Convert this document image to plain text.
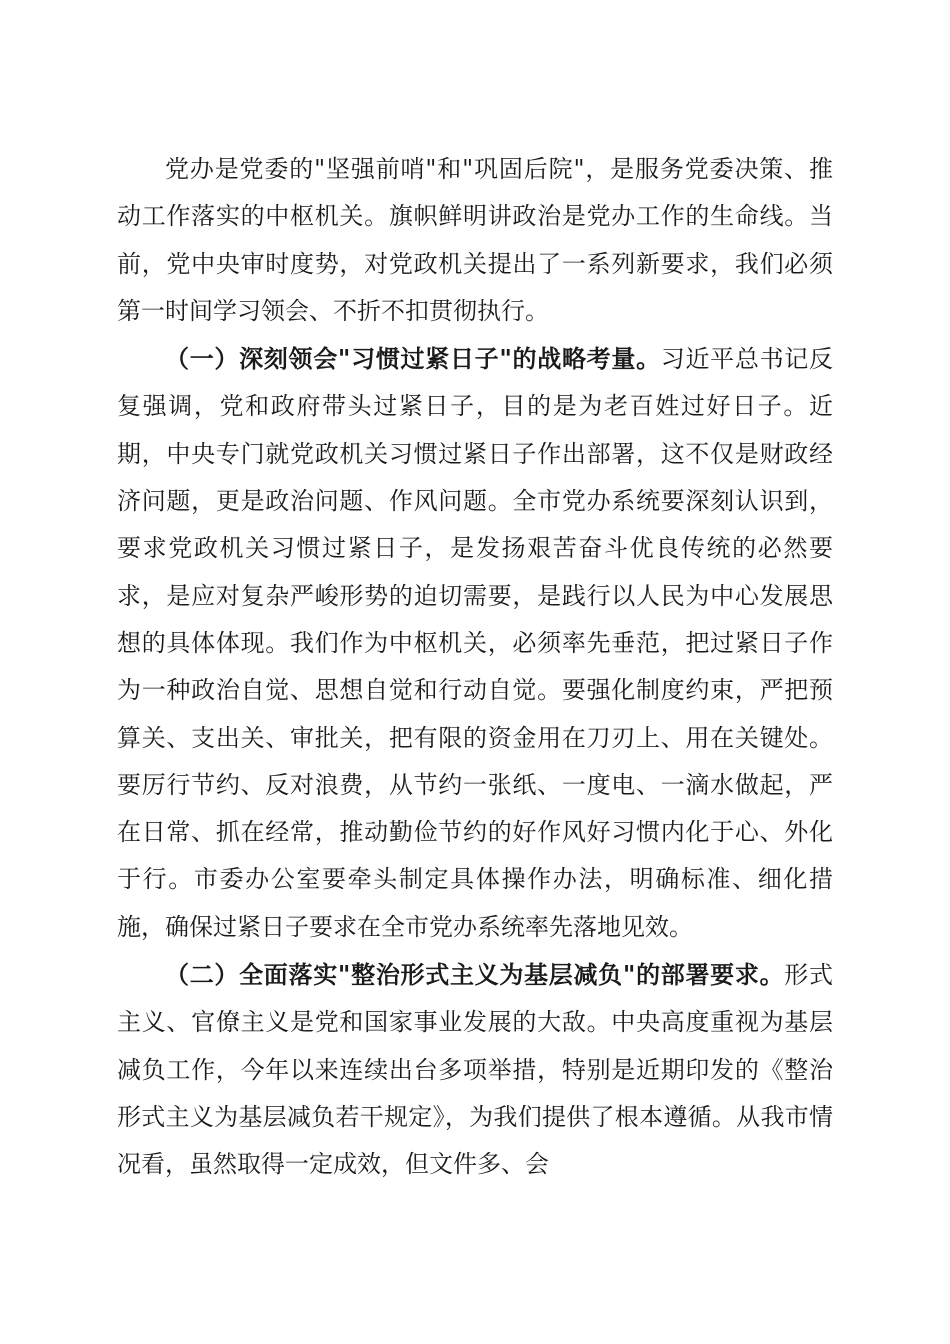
党办是党委的"坚强前哨"和"巩固后院"，是服务党委决策、推动工作落实的中枢机关。旗帜鲜明讲政治是党办工作的生命线。当前，党中央审时度势，对党政机关提出了一系列新要求，我们必须第一时间学习领会、不折不扣贯彻执行。

（一）深刻领会"习惯过紧日子"的战略考量。习近平总书记反复强调，党和政府带头过紧日子，目的是为老百姓过好日子。近期，中央专门就党政机关习惯过紧日子作出部署，这不仅是财政经济问题，更是政治问题、作风问题。全市党办系统要深刻认识到，要求党政机关习惯过紧日子，是发扬艰苦奋斗优良传统的必然要求，是应对复杂严峻形势的迫切需要，是践行以人民为中心发展思想的具体体现。我们作为中枢机关，必须率先垂范，把过紧日子作为一种政治自觉、思想自觉和行动自觉。要强化制度约束，严把预算关、支出关、审批关，把有限的资金用在刀刃上、用在关键处。要厉行节约、反对浪费，从节约一张纸、一度电、一滴水做起，严在日常、抓在经常，推动勤俭节约的好作风好习惯内化于心、外化于行。市委办公室要牵头制定具体操作办法，明确标准、细化措施，确保过紧日子要求在全市党办系统率先落地见效。

（二）全面落实"整治形式主义为基层减负"的部署要求。形式主义、官僚主义是党和国家事业发展的大敌。中央高度重视为基层减负工作，今年以来连续出台多项举措，特别是近期印发的《整治形式主义为基层减负若干规定》，为我们提供了根本遵循。从我市情况看，虽然取得一定成效，但文件多、会
